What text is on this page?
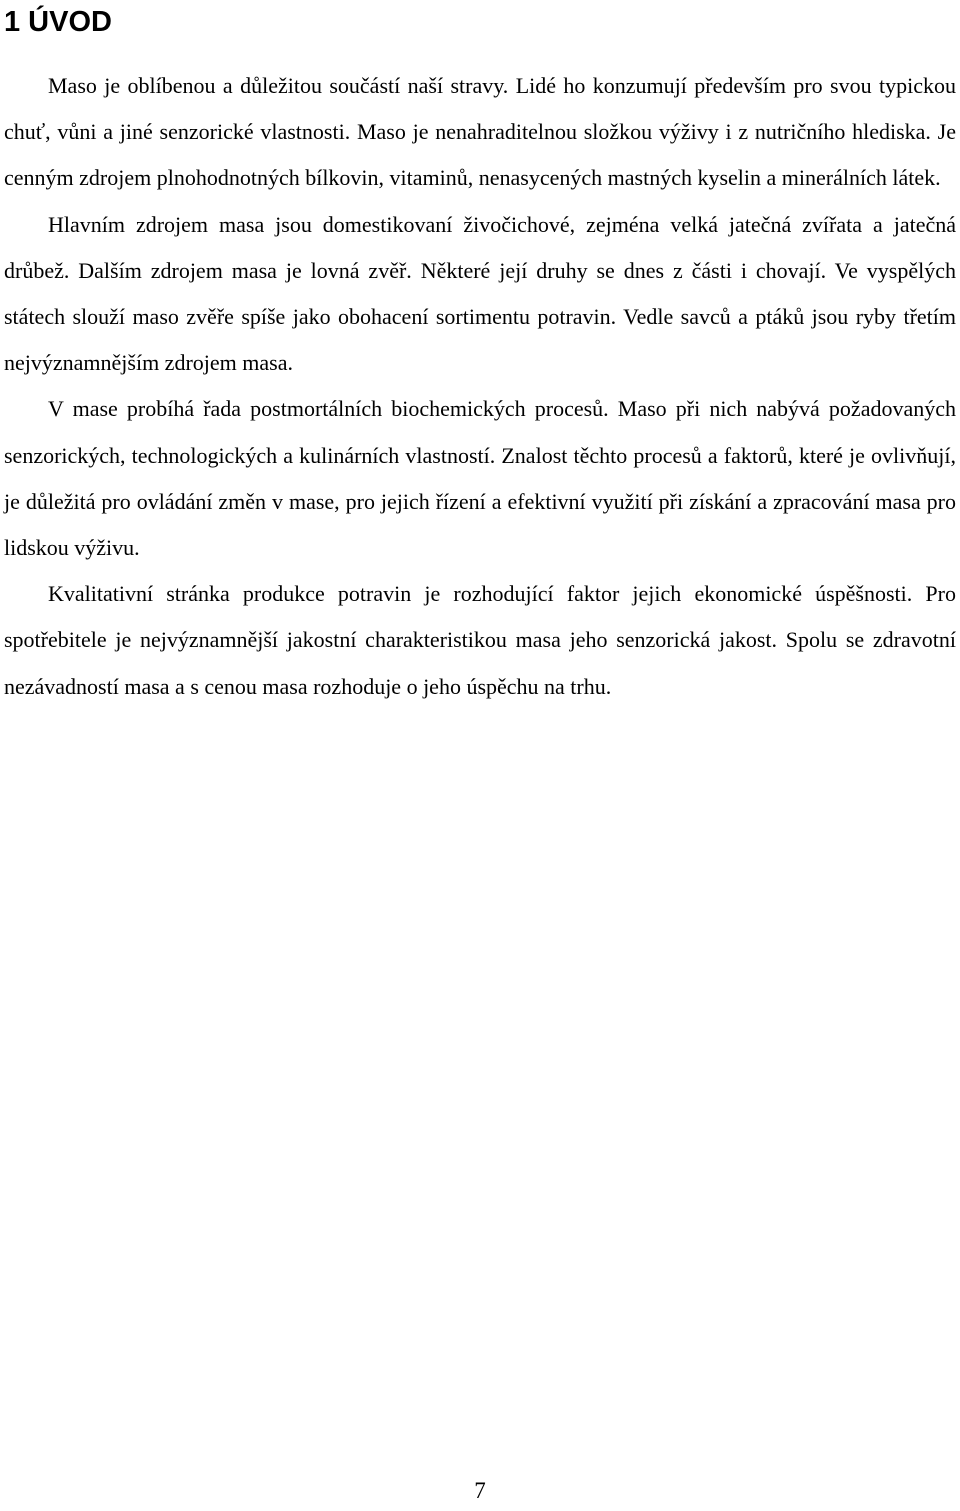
1 ÚVOD

Maso je oblíbenou a důležitou součástí naší stravy. Lidé ho konzumují především pro svou typickou chuť, vůni a jiné senzorické vlastnosti. Maso je nenahraditelnou složkou výživy i z nutričního hlediska. Je cenným zdrojem plnohodnotných bílkovin, vitaminů, nenasycených mastných kyselin a minerálních látek.

Hlavním zdrojem masa jsou domestikovaní živočichové, zejména velká jatečná zvířata a jatečná drůbež. Dalším zdrojem masa je lovná zvěř. Některé její druhy se dnes z části i chovají. Ve vyspělých státech slouží maso zvěře spíše jako obohacení sortimentu potravin. Vedle savců a ptáků jsou ryby třetím nejvýznamnějším zdrojem masa.

V mase probíhá řada postmortálních biochemických procesů. Maso při nich nabývá požadovaných senzorických, technologických a kulinárních vlastností. Znalost těchto procesů a faktorů, které je ovlivňují, je důležitá pro ovládání změn v mase, pro jejich řízení a efektivní využití při získání a zpracování masa pro lidskou výživu.

Kvalitativní stránka produkce potravin je rozhodující faktor jejich ekonomické úspěšnosti. Pro spotřebitele je nejvýznamnější jakostní charakteristikou masa jeho senzorická jakost. Spolu se zdravotní nezávadností masa a s cenou masa rozhoduje o jeho úspěchu na trhu.

7
